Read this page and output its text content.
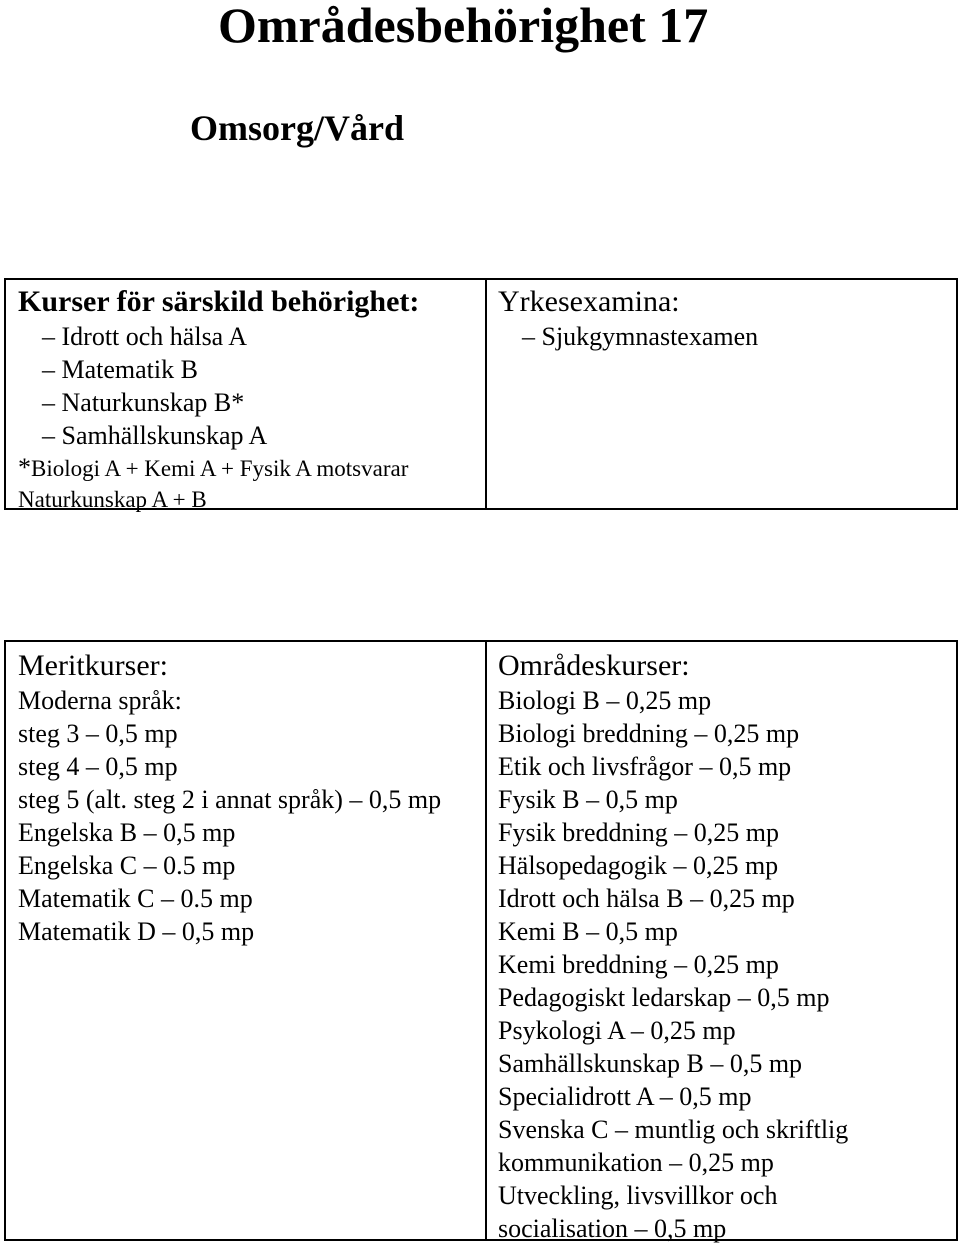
Områdesbehörighet 17
Omsorg/Vård
Kurser för särskild behörighet:
– Idrott och hälsa A
– Matematik B
– Naturkunskap B*
– Samhällskunskap A
*Biologi A + Kemi A + Fysik A motsvarar
Naturkunskap A + B
Yrkesexamina:
– Sjukgymnastexamen
Meritkurser:
Moderna språk:
steg 3 – 0,5 mp
steg 4 – 0,5 mp
steg 5 (alt. steg 2 i annat språk) – 0,5 mp
Engelska B – 0,5 mp
Engelska C – 0.5 mp
Matematik C – 0.5 mp
Matematik D – 0,5 mp
Områdeskurser:
Biologi B – 0,25 mp
Biologi breddning – 0,25 mp
Etik och livsfrågor – 0,5 mp
Fysik B – 0,5 mp
Fysik breddning – 0,25 mp
Hälsopedagogik – 0,25 mp
Idrott och hälsa B – 0,25 mp
Kemi B – 0,5 mp
Kemi breddning – 0,25 mp
Pedagogiskt ledarskap – 0,5 mp
Psykologi A – 0,25 mp
Samhällskunskap B – 0,5 mp
Specialidrott A – 0,5 mp
Svenska C – muntlig och skriftlig kommunikation – 0,25 mp
Utveckling, livsvillkor och socialisation – 0,5 mp
